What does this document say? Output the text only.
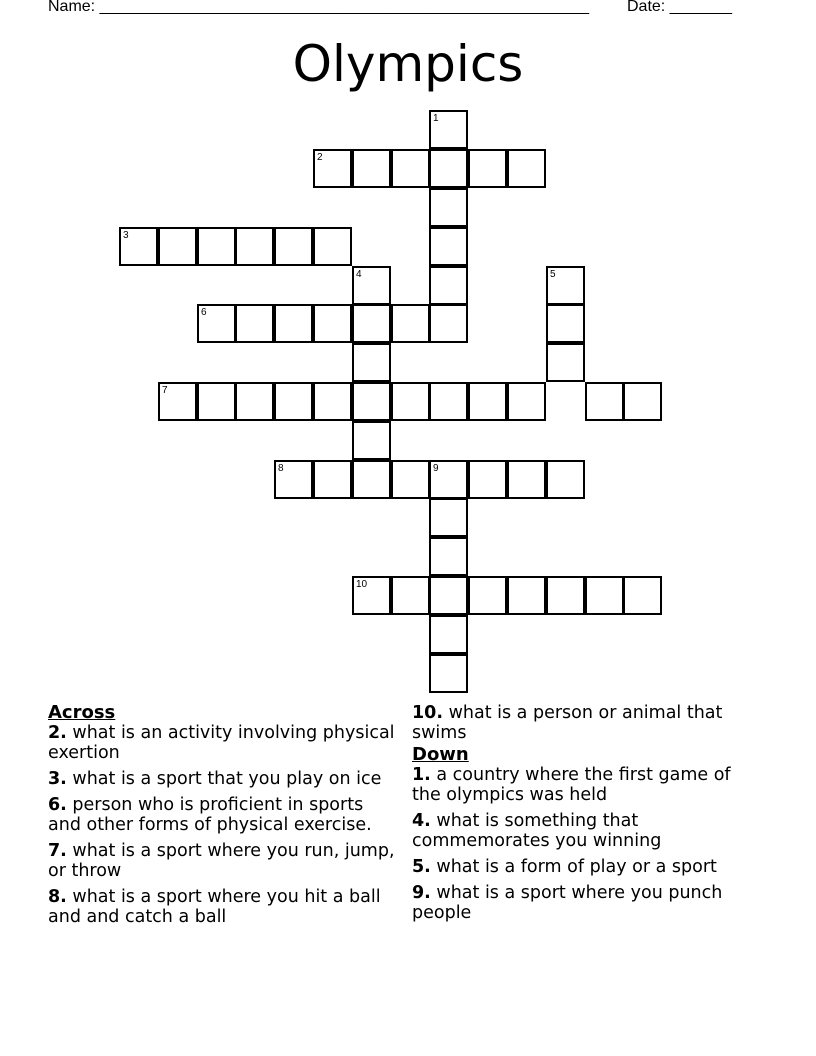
Name: _______________________________________________________ Date: _______
Olympics
1
2
3
4	5
6
7
8	9
10
Across
2. what is an activity involving physical exertion
3. what is a sport that you play on ice
6. person who is proficient in sports and other forms of physical exercise.
7. what is a sport where you run, jump, or throw
8. what is a sport where you hit a ball and and catch a ball
10. what is a person or animal that swims
Down
1. a country where the first game of the olympics was held
4. what is something that commemorates you winning
5. what is a form of play or a sport
9. what is a sport where you punch people
